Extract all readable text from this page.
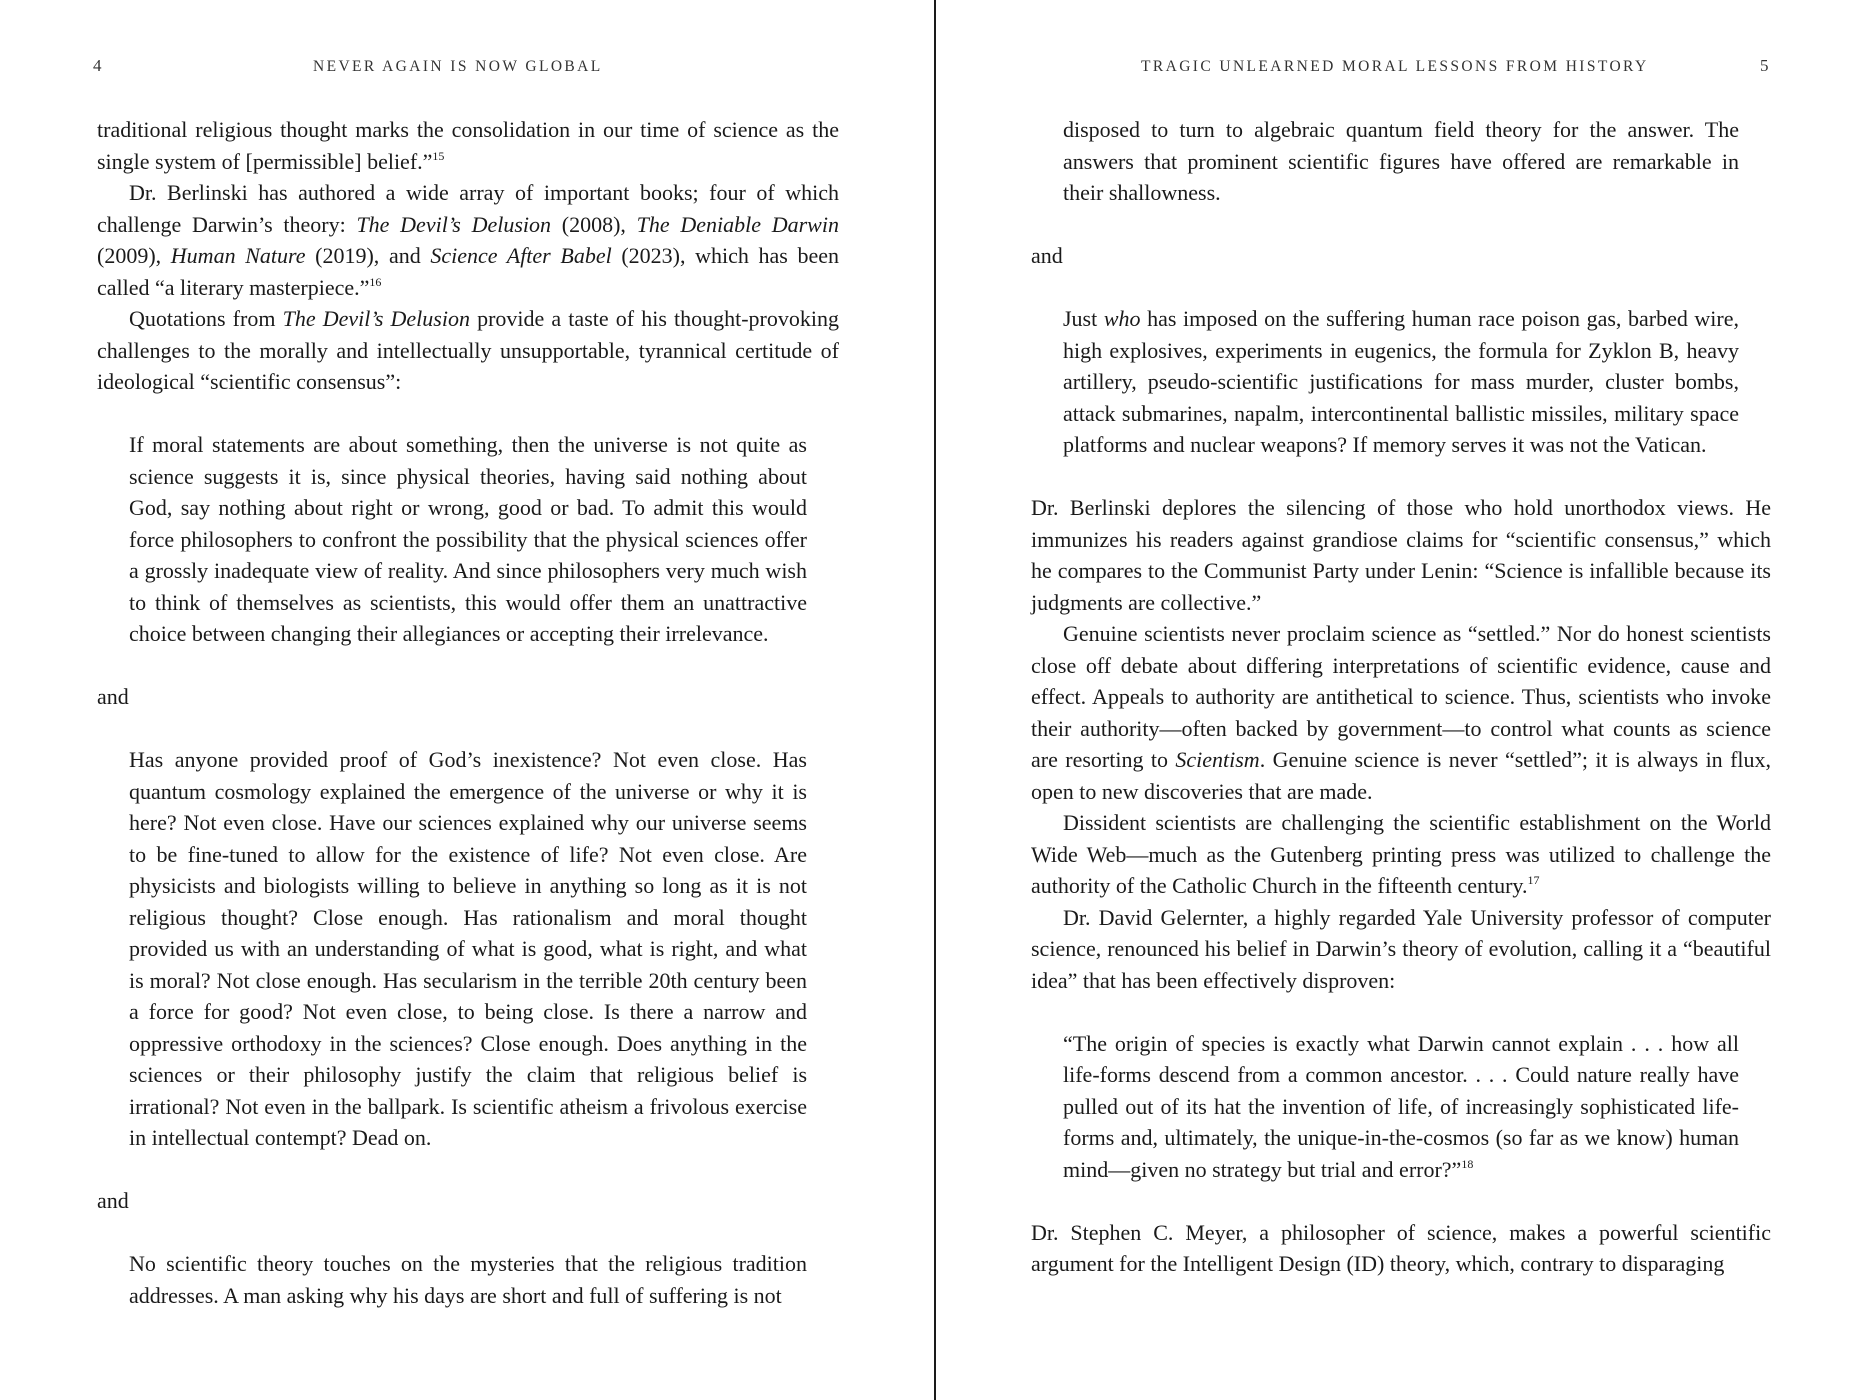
4	NEVER AGAIN IS NOW GLOBAL

traditional religious thought marks the consolidation in our time of science as the single system of [permissible] belief.”$^{15}$

Dr. Berlinski has authored a wide array of important books; four of which challenge Darwin’s theory: The Devil’s Delusion (2008), The Deniable Darwin (2009), Human Nature (2019), and Science After Babel (2023), which has been called “a literary masterpiece.”$^{16}$

Quotations from The Devil’s Delusion provide a taste of his thought-provoking challenges to the morally and intellectually unsupportable, tyrannical certitude of ideological “scientific consensus”:

If moral statements are about something, then the universe is not quite as science suggests it is, since physical theories, having said nothing about God, say nothing about right or wrong, good or bad. To admit this would force philosophers to confront the possibility that the physical sciences offer a grossly inadequate view of reality. And since philosophers very much wish to think of themselves as scientists, this would offer them an unattractive choice between changing their allegiances or accepting their irrelevance.

and

Has anyone provided proof of God’s inexistence? Not even close. Has quantum cosmology explained the emergence of the universe or why it is here? Not even close. Have our sciences explained why our universe seems to be fine-tuned to allow for the existence of life? Not even close. Are physicists and biologists willing to believe in anything so long as it is not religious thought? Close enough. Has rationalism and moral thought provided us with an understanding of what is good, what is right, and what is moral? Not close enough. Has secularism in the terrible 20th century been a force for good? Not even close, to being close. Is there a narrow and oppressive orthodoxy in the sciences? Close enough. Does anything in the sciences or their philosophy justify the claim that religious belief is irrational? Not even in the ballpark. Is scientific atheism a frivolous exercise in intellectual contempt? Dead on.

and

No scientific theory touches on the mysteries that the religious tradition addresses. A man asking why his days are short and full of suffering is not

TRAGIC UNLEARNED MORAL LESSONS FROM HISTORY	5

disposed to turn to algebraic quantum field theory for the answer. The answers that prominent scientific figures have offered are remarkable in their shallowness.

and

Just who has imposed on the suffering human race poison gas, barbed wire, high explosives, experiments in eugenics, the formula for Zyklon B, heavy artillery, pseudo-scientific justifications for mass murder, cluster bombs, attack submarines, napalm, intercontinental ballistic missiles, military space platforms and nuclear weapons? If memory serves it was not the Vatican.

Dr. Berlinski deplores the silencing of those who hold unorthodox views. He immunizes his readers against grandiose claims for “scientific consensus,” which he compares to the Communist Party under Lenin: “Science is infallible because its judgments are collective.”

Genuine scientists never proclaim science as “settled.” Nor do honest scientists close off debate about differing interpretations of scientific evidence, cause and effect. Appeals to authority are antithetical to science. Thus, scientists who invoke their authority—often backed by government—to control what counts as science are resorting to Scientism. Genuine science is never “settled”; it is always in flux, open to new discoveries that are made.

Dissident scientists are challenging the scientific establishment on the World Wide Web—much as the Gutenberg printing press was utilized to challenge the authority of the Catholic Church in the fifteenth century.$^{17}$

Dr. David Gelernter, a highly regarded Yale University professor of computer science, renounced his belief in Darwin’s theory of evolution, calling it a “beautiful idea” that has been effectively disproven:

“The origin of species is exactly what Darwin cannot explain . . . how all life-forms descend from a common ancestor. . . . Could nature really have pulled out of its hat the invention of life, of increasingly sophisticated life-forms and, ultimately, the unique-in-the-cosmos (so far as we know) human mind—given no strategy but trial and error?”$^{18}$

Dr. Stephen C. Meyer, a philosopher of science, makes a powerful scientific argument for the Intelligent Design (ID) theory, which, contrary to disparaging
